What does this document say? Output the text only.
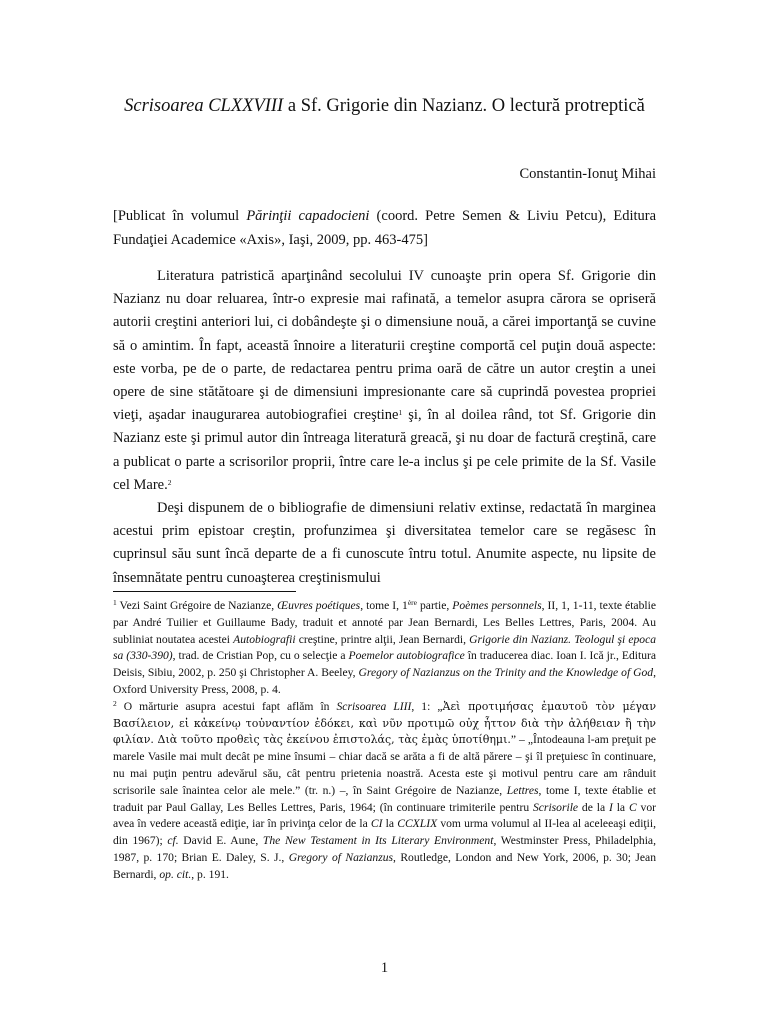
Scrisoarea CLXXVIII a Sf. Grigorie din Nazianz. O lectură protreptică
Constantin-Ionuţ Mihai
[Publicat în volumul Părinţii capadocieni (coord. Petre Semen & Liviu Petcu), Editura Fundaţiei Academice «Axis», Iaşi, 2009, pp. 463-475]

Literatura patristică aparţinând secolului IV cunoaşte prin opera Sf. Grigorie din Nazianz nu doar reluarea, într-o expresie mai rafinată, a temelor asupra cărora se opriseră autorii creştini anteriori lui, ci dobândeşte şi o dimensiune nouă, a cărei importanţă se cuvine să o amintim. În fapt, această înnoire a literaturii creştine comportă cel puţin două aspecte: este vorba, pe de o parte, de redactarea pentru prima oară de către un autor creştin a unei opere de sine stătătoare şi de dimensiuni impresionante care să cuprindă povestea propriei vieţi, aşadar inaugurarea autobiografiei creştine$^1$ şi, în al doilea rând, tot Sf. Grigorie din Nazianz este şi primul autor din întreaga literatură greacă, şi nu doar de factură creştină, care a publicat o parte a scrisorilor proprii, între care le-a inclus şi pe cele primite de la Sf. Vasile cel Mare.$^2$

Deşi dispunem de o bibliografie de dimensiuni relativ extinse, redactată în marginea acestui prim epistoar creştin, profunzimea şi diversitatea temelor care se regăsesc în cuprinsul său sunt încă departe de a fi cunoscute întru totul. Anumite aspecte, nu lipsite de însemnătate pentru cunoaşterea creştinismului

$^1$ Vezi Saint Grégoire de Nazianze, Œuvres poétiques, tome I, 1ère partie, Poèmes personnels, II, 1, 1-11, texte établie par André Tuilier et Guillaume Bady, traduit et annoté par Jean Bernardi, Les Belles Lettres, Paris, 2004. Au subliniat noutatea acestei Autobiografii creştine, printre alţii, Jean Bernardi, Grigorie din Nazianz. Teologul şi epoca sa (330-390), trad. de Cristian Pop, cu o selecţie a Poemelor autobiografice în traducerea diac. Ioan I. Ică jr., Editura Deisis, Sibiu, 2002, p. 250 şi Christopher A. Beeley, Gregory of Nazianzus on the Trinity and the Knowledge of God, Oxford University Press, 2008, p. 4.

$^2$ O mărturie asupra acestui fapt aflăm în Scrisoarea LIII, 1: „Ἀεὶ προτιμήσας ἐμαυτοῦ τὸν μέγαν Βασίλειον, εἰ κἀκείνῳ τοὐναντίον ἐδόκει, καὶ νῦν προτιμῶ οὐχ ἧττον διὰ τὴν ἀλήθειαν ἢ τὴν φιλίαν. Διὰ τοῦτο προθεὶς τὰς ἐκείνου ἐπιστολάς, τὰς ἐμὰς ὑποτίθημι.” – „Întodeauna l-am preţuit pe marele Vasile mai mult decât pe mine însumi – chiar dacă se arăta a fi de altă părere – şi îl preţuiesc în continuare, nu mai puţin pentru adevărul său, cât pentru prietenia noastră. Acesta este şi motivul pentru care am rânduit scrisorile sale înaintea celor ale mele.” (tr. n.) –, în Saint Grégoire de Nazianze, Lettres, tome I, texte établie et traduit par Paul Gallay, Les Belles Lettres, Paris, 1964; (în continuare trimiterile pentru Scrisorile de la I la C vor avea în vedere această ediţie, iar în privinţa celor de la CI la CCXLIX vom urma volumul al II-lea al aceleeaşi ediţii, din 1967); cf. David E. Aune, The New Testament in Its Literary Environment, Westminster Press, Philadelphia, 1987, p. 170; Brian E. Daley, S. J., Gregory of Nazianzus, Routledge, London and New York, 2006, p. 30; Jean Bernardi, op. cit., p. 191.

1
